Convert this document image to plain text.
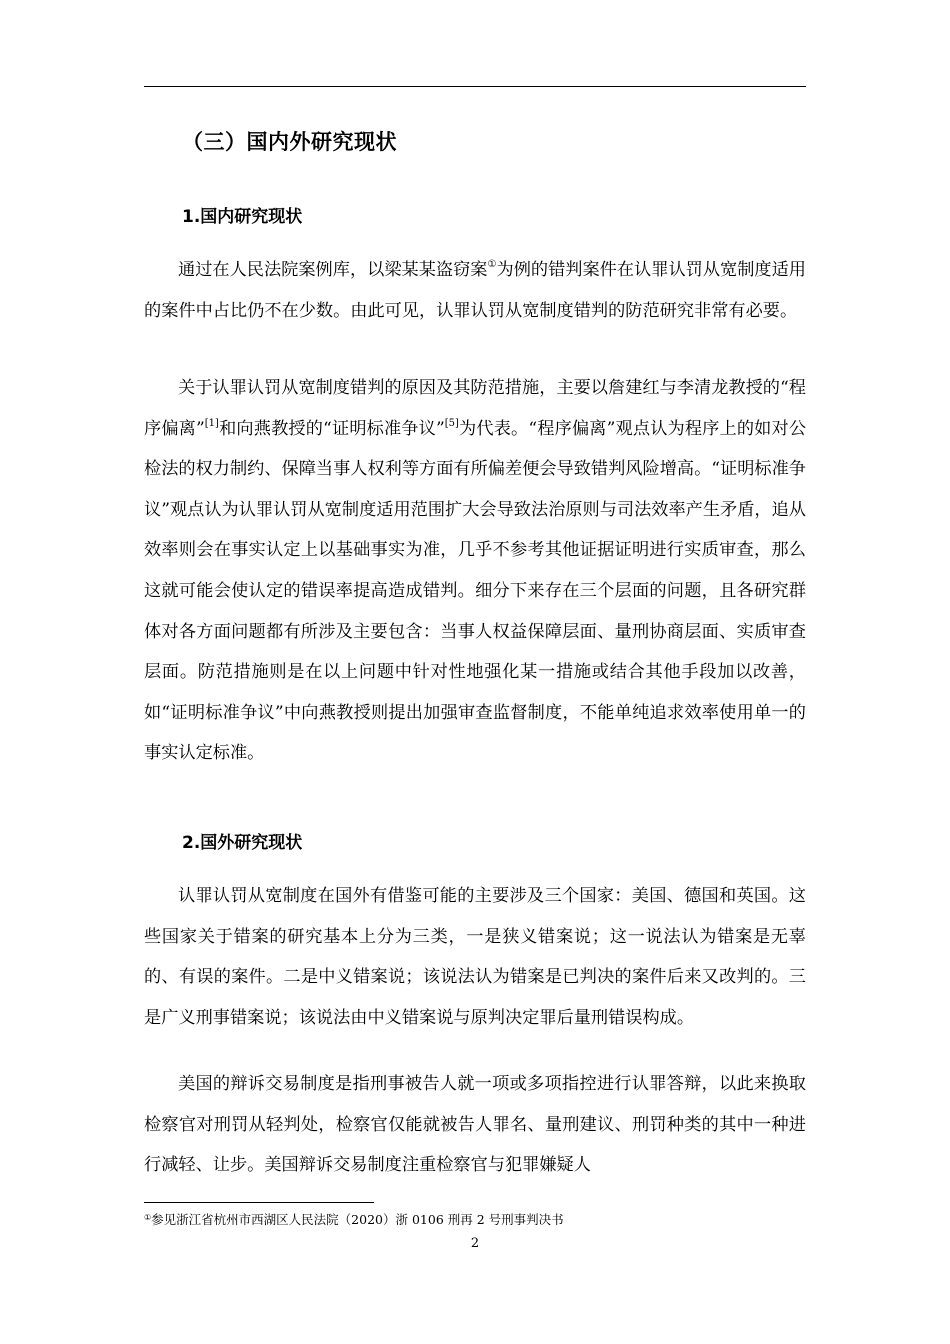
（三）国内外研究现状
1.国内研究现状

通过在人民法院案例库，以梁某某盗窃案①为例的错判案件在认罪认罚从宽制度适用的案件中占比仍不在少数。由此可见，认罪认罚从宽制度错判的防范研究非常有必要。

关于认罪认罚从宽制度错判的原因及其防范措施，主要以詹建红与李清龙教授的“程序偏离”[1]和向燕教授的“证明标准争议”[5]为代表。“程序偏离”观点认为程序上的如对公检法的权力制约、保障当事人权利等方面有所偏差便会导致错判风险增高。“证明标准争议”观点认为认罪认罚从宽制度适用范围扩大会导致法治原则与司法效率产生矛盾，追从效率则会在事实认定上以基础事实为准，几乎不参考其他证据证明进行实质审查，那么这就可能会使认定的错误率提高造成错判。细分下来存在三个层面的问题，且各研究群体对各方面问题都有所涉及主要包含：当事人权益保障层面、量刑协商层面、实质审查层面。防范措施则是在以上问题中针对性地强化某一措施或结合其他手段加以改善，如“证明标准争议”中向燕教授则提出加强审查监督制度，不能单纯追求效率使用单一的事实认定标准。

2.国外研究现状

认罪认罚从宽制度在国外有借鉴可能的主要涉及三个国家：美国、德国和英国。这些国家关于错案的研究基本上分为三类，一是狭义错案说；这一说法认为错案是无辜的、有误的案件。二是中义错案说；该说法认为错案是已判决的案件后来又改判的。三是广义刑事错案说；该说法由中义错案说与原判决定罪后量刑错误构成。

美国的辩诉交易制度是指刑事被告人就一项或多项指控进行认罪答辩，以此来换取检察官对刑罚从轻判处，检察官仅能就被告人罪名、量刑建议、刑罚种类的其中一种进行减轻、让步。美国辩诉交易制度注重检察官与犯罪嫌疑人

①参见浙江省杭州市西湖区人民法院（2020）浙 0106 刑再 2 号刑事判决书
2
